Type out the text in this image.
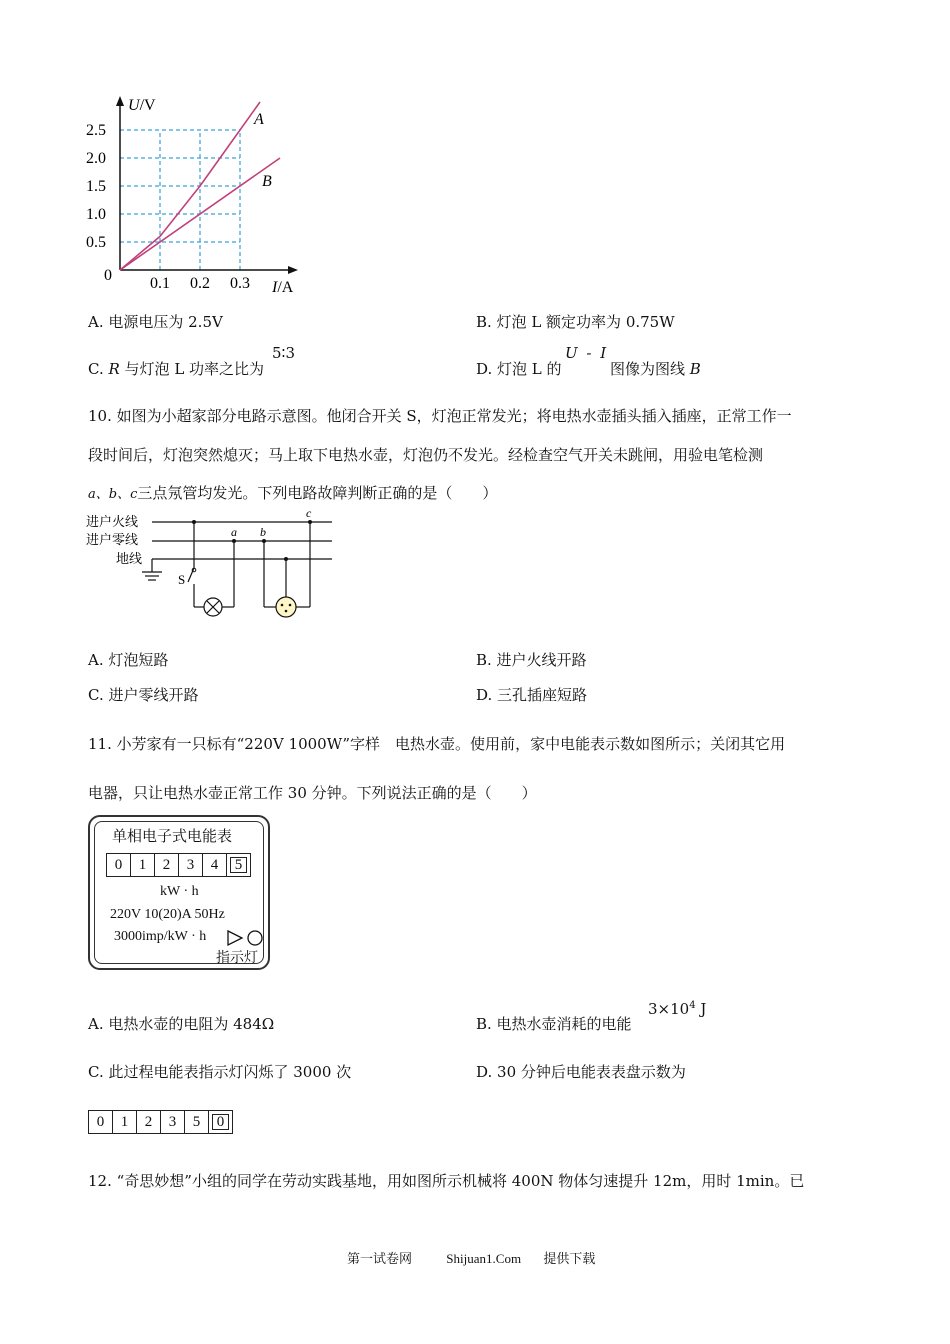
0.1 0.2 0.3
0.5
1.0
1.5
2.0
2.5
A
B
U/V
I/A
0
A. 电源电压为 2.5V	B. 灯泡 L 额定功率为 0.75W
C. R 与灯泡 L 功率之比为
5∶3
D. 灯泡 L 的
U - I
图像为图线 B
10. 如图为小超家部分电路示意图。他闭合开关 S，灯泡正常发光；将电热水壶插头插入插座，正常工作一
段时间后，灯泡突然熄灭；马上取下电热水壶，灯泡仍不发光。经检查空气开关未跳闸，用验电笔检测
a、b、c三点氖管均发光。下列电路故障判断正确的是（　　）
进户火线
进户零线
地线
S
a b
c
A. 灯泡短路	B. 进户火线开路
C. 进户零线开路	D. 三孔插座短路
11. 小芳家有一只标有“220V 1000W”字样　电热水壶。使用前，家中电能表示数如图所示；关闭其它用
电器，只让电热水壶正常工作 30 分钟。下列说法正确的是（　　）
单相电子式电能表
0	1	2	3	4	5
kW · h
220V 10(20)A 50Hz
3000imp/kW · h
指示灯
A. 电热水壶的电阻为 484Ω	B. 电热水壶消耗的电能
$3\times 10^4$ J
C. 此过程电能表指示灯闪烁了 3000 次	D. 30 分钟后电能表表盘示数为
0	1	2	3	5	0
12. “奇思妙想”小组的同学在劳动实践基地，用如图所示机械将 400N 物体匀速提升 12m，用时 1min。已
第一试卷网	Shijuan1.Com 提供下载
